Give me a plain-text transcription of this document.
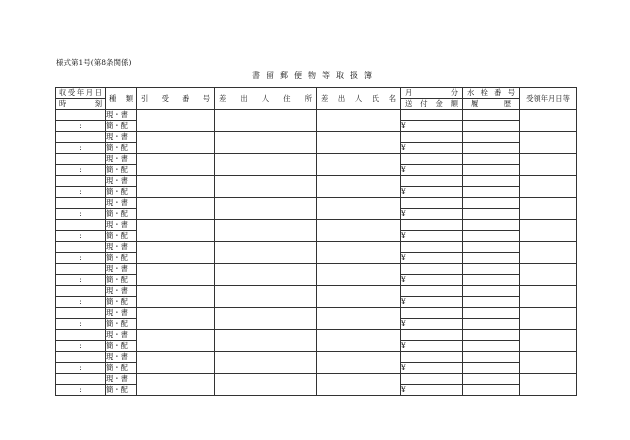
様式第1号(第8条関係)
書留郵便物等取扱簿
収 受 年 月 日	種 類	引 受 番 号	差 出 人 住 所	差 出 人 氏 名	月 分	水 栓 番 号	受領年月日等

時 刻					送 付 金 額	履 歴	

	現・書						
:	簡・配				¥		
	現・書						
:	簡・配				¥		
	現・書						
:	簡・配				¥		
	現・書						
:	簡・配				¥		
	現・書						
:	簡・配				¥		
	現・書						
:	簡・配				¥		
	現・書						
:	簡・配				¥		
	現・書						
:	簡・配				¥		
	現・書						
:	簡・配				¥		
	現・書						
:	簡・配				¥		
	現・書						
:	簡・配				¥		
	現・書						
:	簡・配				¥		
	現・書						
:	簡・配				¥		
